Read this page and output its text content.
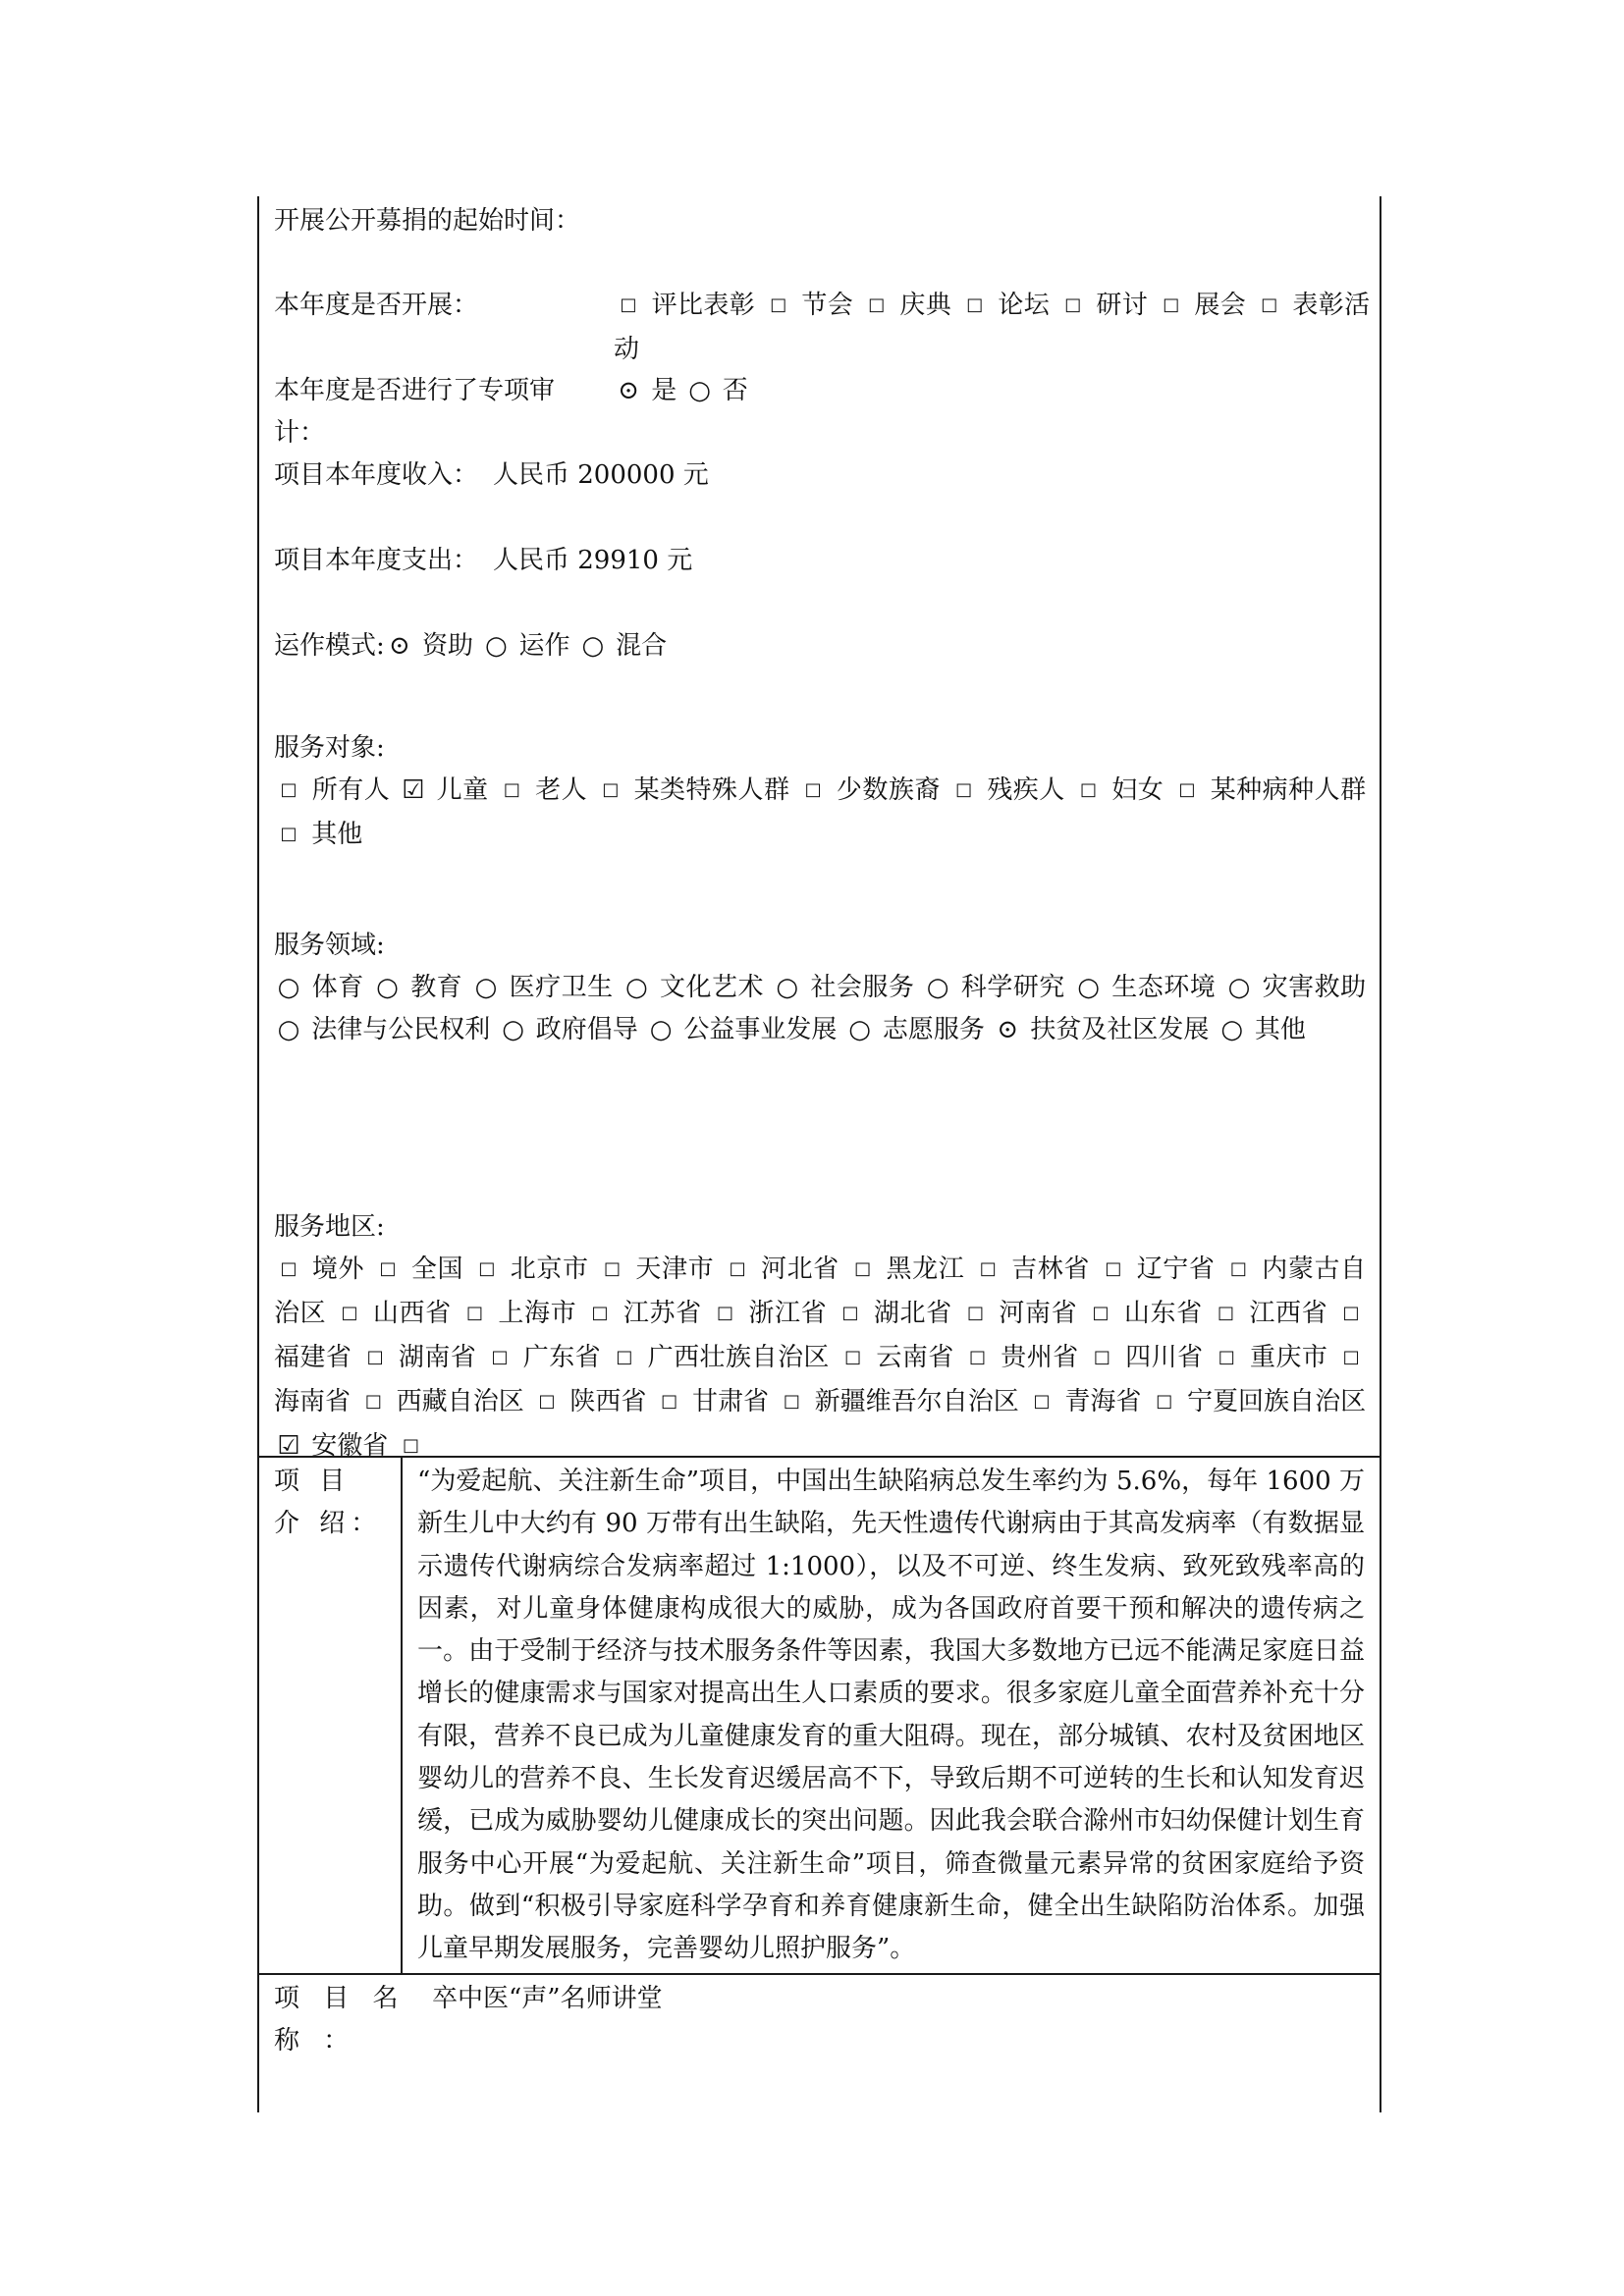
开展公开募捐的起始时间：
本年度是否开展：	□ 评比表彰 □ 节会 □ 庆典 □ 论坛 □ 研讨 □ 展会 □ 表彰活动
本年度是否进行了专项审计：
⊙ 是 ○ 否
项目本年度收入： 人民币 200000 元
项目本年度支出： 人民币 29910 元
运作模式: ⊙ 资助 ○ 运作 ○ 混合
服务对象:
□ 所有人 ☑ 儿童 □ 老人 □ 某类特殊人群 □ 少数族裔 □ 残疾人 □ 妇女 □ 某种病种人群 □ 其他
服务领域:
○ 体育 ○ 教育 ○ 医疗卫生 ○ 文化艺术 ○ 社会服务 ○ 科学研究 ○ 生态环境 ○ 灾害救助 ○ 法律与公民权利 ○ 政府倡导 ○ 公益事业发展 ○ 志愿服务 ⊙ 扶贫及社区发展 ○ 其他
服务地区:
□ 境外 □ 全国 □ 北京市 □ 天津市 □ 河北省 □ 黑龙江 □ 吉林省 □ 辽宁省 □ 内蒙古自治区 □ 山西省 □ 上海市 □ 江苏省 □ 浙江省 □ 湖北省 □ 河南省 □ 山东省 □ 江西省 □ 福建省 □ 湖南省 □ 广东省 □ 广西壮族自治区 □ 云南省 □ 贵州省 □ 四川省 □ 重庆市 □ 海南省 □ 西藏自治区 □ 陕西省 □ 甘肃省 □ 新疆维吾尔自治区 □ 青海省 □ 宁夏回族自治区 ☑ 安徽省 □
项 目 介 绍：
“为爱起航、关注新生命”项目，中国出生缺陷病总发生率约为 5.6%，每年 1600 万新生儿中大约有 90 万带有出生缺陷，先天性遗传代谢病由于其高发病率（有数据显示遗传代谢病综合发病率超过 1:1000），以及不可逆、终生发病、致死致残率高的因素，对儿童身体健康构成很大的威胁，成为各国政府首要干预和解决的遗传病之一。由于受制于经济与技术服务条件等因素，我国大多数地方已远不能满足家庭日益增长的健康需求与国家对提高出生人口素质的要求。很多家庭儿童全面营养补充十分有限，营养不良已成为儿童健康发育的重大阻碍。现在，部分城镇、农村及贫困地区婴幼儿的营养不良、生长发育迟缓居高不下，导致后期不可逆转的生长和认知发育迟缓，已成为威胁婴幼儿健康成长的突出问题。因此我会联合滁州市妇幼保健计划生育服务中心开展“为爱起航、关注新生命”项目，筛查微量元素异常的贫困家庭给予资助。做到“积极引导家庭科学孕育和养育健康新生命，健全出生缺陷防治体系。加强儿童早期发展服务，完善婴幼儿照护服务”。
项 目 名 称 ：
卒中医“声”名师讲堂
